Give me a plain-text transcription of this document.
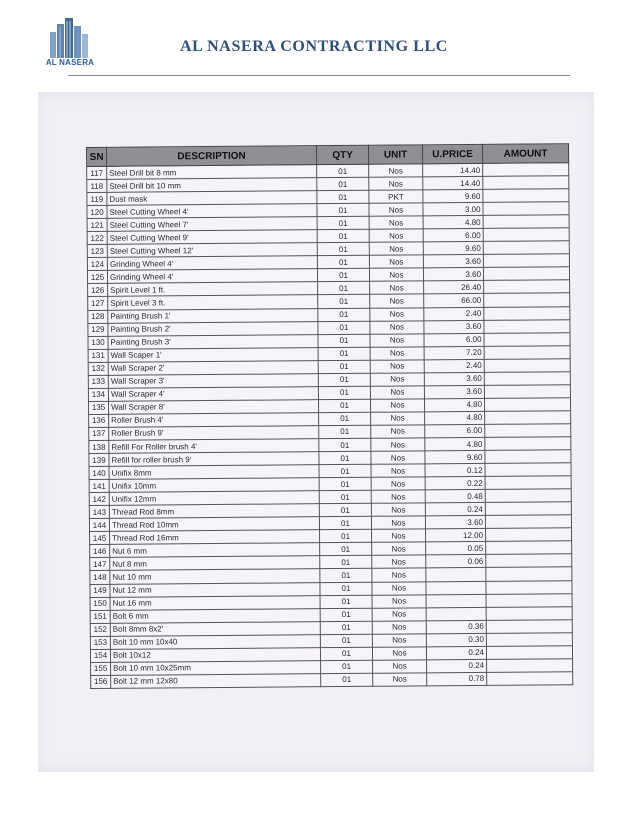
AL NASERA
AL NASERA CONTRACTING LLC
SN	DESCRIPTION	QTY	UNIT	U.PRICE	AMOUNT
117	Steel Drill bit 8 mm	01	Nos	14.40	
118	Steel Drill bit 10 mm	01	Nos	14.40	
119	Dust mask	01	PKT	9.60	
120	Steel Cutting Wheel 4'	01	Nos	3.00	
121	Steel Cutting Wheel 7'	01	Nos	4.80	
122	Steel Cutting Wheel 9'	01	Nos	6.00	
123	Steel Cutting Wheel 12'	01	Nos	9.60	
124	Grinding Wheel 4'	01	Nos	3.60	
125	Grinding Wheel 4'	01	Nos	3.60	
126	Spirit Level 1 ft.	01	Nos	26.40	
127	Spirit Level 3 ft.	01	Nos	66.00	
128	Painting Brush 1'	01	Nos	2.40	
129	Painting Brush 2'	01	Nos	3.60	
130	Painting Brush 3'	01	Nos	6.00	
131	Wall Scaper 1'	01	Nos	7.20	
132	Wall Scraper 2'	01	Nos	2.40	
133	Wall Scraper 3'	01	Nos	3.60	
134	Wall Scraper 4'	01	Nos	3.60	
135	Wall Scraper 8'	01	Nos	4.80	
136	Roller Brush 4'	01	Nos	4.80	
137	Roller Brush 9'	01	Nos	6.00	
138	Refill For Roller brush 4'	01	Nos	4.80	
139	Refill for roller brush 9'	01	Nos	9.60	
140	Unifix 8mm	01	Nos	0.12	
141	Unifix 10mm	01	Nos	0.22	
142	Unifix 12mm	01	Nos	0.48	
143	Thread Rod 8mm	01	Nos	0.24	
144	Thread Rod 10mm	01	Nos	3.60	
145	Thread Rod 16mm	01	Nos	12.00	
146	Nut 6 mm	01	Nos	0.05	
147	Nut 8 mm	01	Nos	0.06	
148	Nut 10 mm	01	Nos		
149	Nut 12 mm	01	Nos		
150	Nut 16 mm	01	Nos		
151	Bolt 6 mm	01	Nos		
152	Bolt 8mm 8x2'	01	Nos	0.36	
153	Bolt 10 mm 10x40	01	Nos	0.30	
154	Bolt 10x12	01	Nos	0.24	
155	Bolt 10 mm 10x25mm	01	Nos	0.24	
156	Bolt 12 mm 12x80	01	Nos	0.78	
